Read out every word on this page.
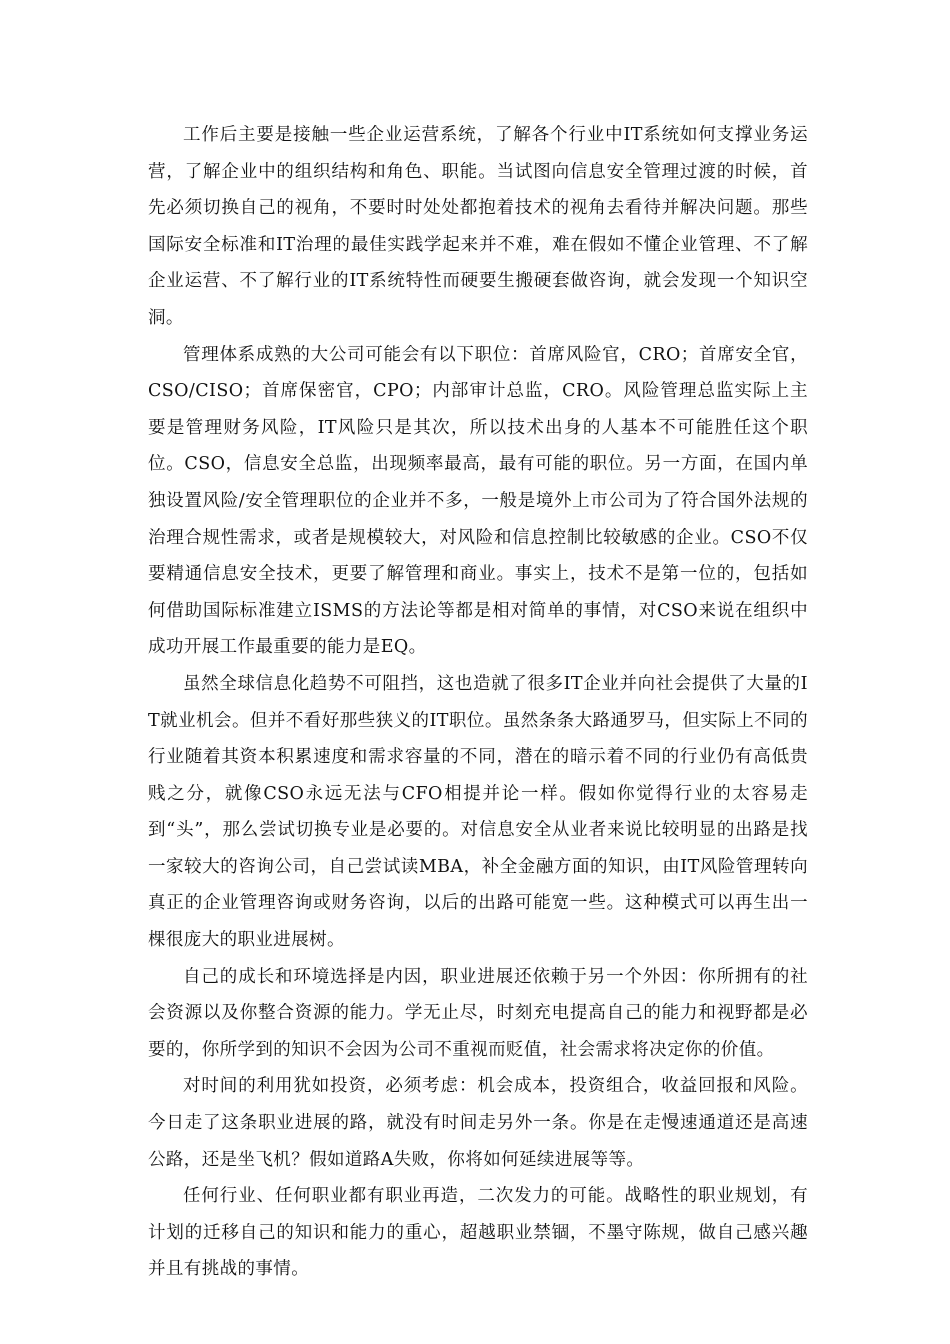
工作后主要是接触一些企业运营系统，了解各个行业中IT系统如何支撑业务运营，了解企业中的组织结构和角色、职能。当试图向信息安全管理过渡的时候，首先必须切换自己的视角，不要时时处处都抱着技术的视角去看待并解决问题。那些国际安全标准和IT治理的最佳实践学起来并不难，难在假如不懂企业管理、不了解企业运营、不了解行业的IT系统特性而硬要生搬硬套做咨询，就会发现一个知识空洞。

管理体系成熟的大公司可能会有以下职位：首席风险官，CRO；首席安全官，CSO/CISO；首席保密官，CPO；内部审计总监，CRO。风险管理总监实际上主要是管理财务风险，IT风险只是其次，所以技术出身的人基本不可能胜任这个职位。CSO，信息安全总监，出现频率最高，最有可能的职位。另一方面，在国内单独设置风险/安全管理职位的企业并不多，一般是境外上市公司为了符合国外法规的治理合规性需求，或者是规模较大，对风险和信息控制比较敏感的企业。CSO不仅要精通信息安全技术，更要了解管理和商业。事实上，技术不是第一位的，包括如何借助国际标准建立ISMS的方法论等都是相对简单的事情，对CSO来说在组织中成功开展工作最重要的能力是EQ。

虽然全球信息化趋势不可阻挡，这也造就了很多IT企业并向社会提供了大量的IT就业机会。但并不看好那些狭义的IT职位。虽然条条大路通罗马，但实际上不同的行业随着其资本积累速度和需求容量的不同，潜在的暗示着不同的行业仍有高低贵贱之分，就像CSO永远无法与CFO相提并论一样。假如你觉得行业的太容易走到“头”，那么尝试切换专业是必要的。对信息安全从业者来说比较明显的出路是找一家较大的咨询公司，自己尝试读MBA，补全金融方面的知识，由IT风险管理转向真正的企业管理咨询或财务咨询，以后的出路可能宽一些。这种模式可以再生出一棵很庞大的职业进展树。

自己的成长和环境选择是内因，职业进展还依赖于另一个外因：你所拥有的社会资源以及你整合资源的能力。学无止尽，时刻充电提高自己的能力和视野都是必要的，你所学到的知识不会因为公司不重视而贬值，社会需求将决定你的价值。

对时间的利用犹如投资，必须考虑：机会成本，投资组合，收益回报和风险。今日走了这条职业进展的路，就没有时间走另外一条。你是在走慢速通道还是高速公路，还是坐飞机？假如道路A失败，你将如何延续进展等等。

任何行业、任何职业都有职业再造，二次发力的可能。战略性的职业规划，有计划的迁移自己的知识和能力的重心，超越职业禁锢，不墨守陈规，做自己感兴趣并且有挑战的事情。
